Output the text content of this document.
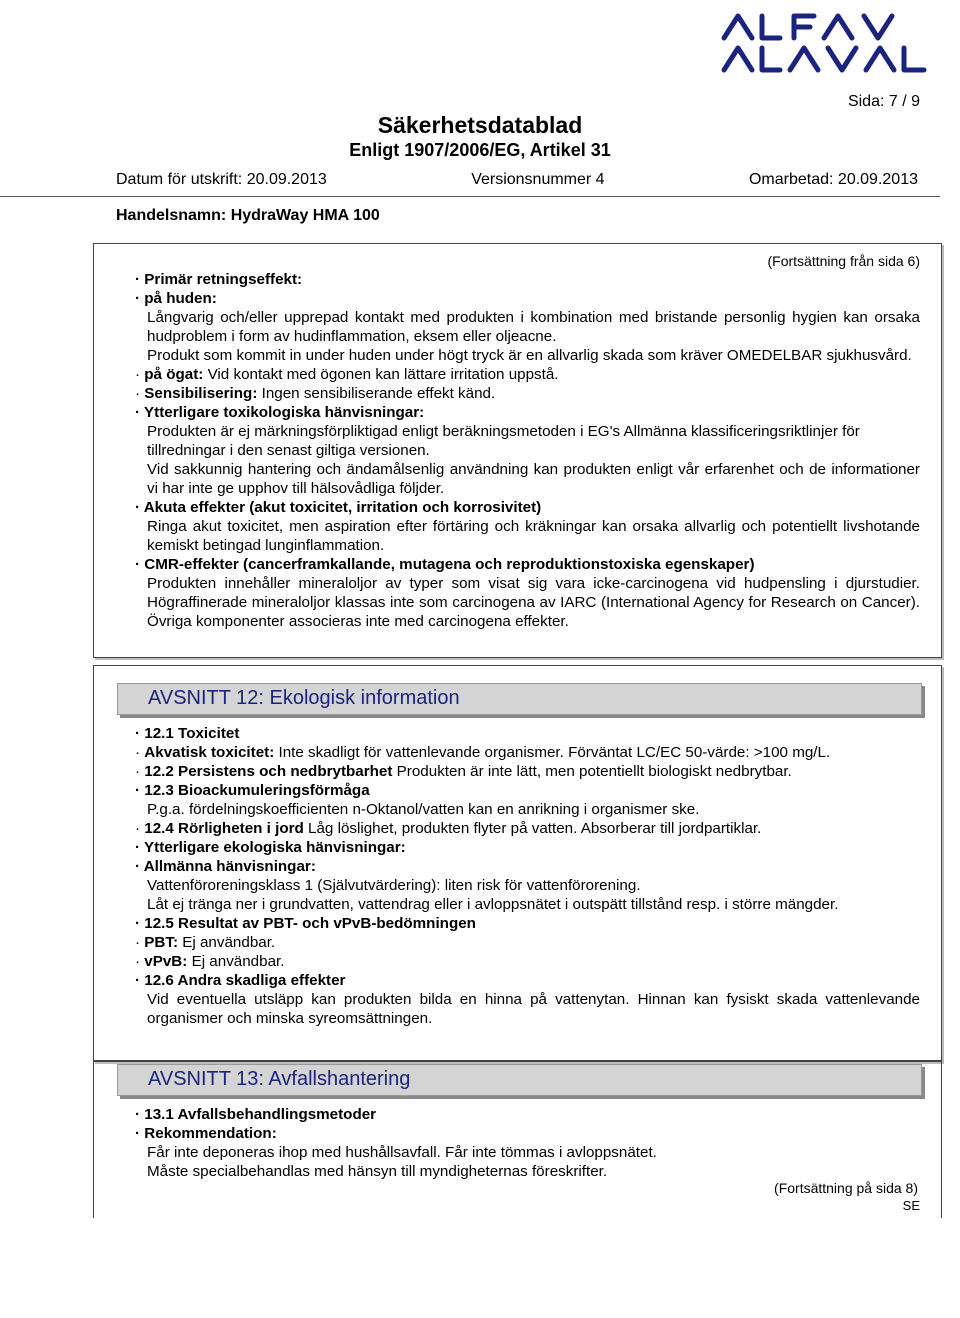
Sida: 7 / 9
Säkerhetsdatablad
Enligt 1907/2006/EG, Artikel 31
Datum för utskrift: 20.09.2013	Versionsnummer 4	Omarbetad: 20.09.2013
Handelsnamn: HydraWay HMA 100
(Fortsättning från sida 6)

· Primär retningseffekt:

· på huden:

Långvarig och/eller upprepad kontakt med produkten i kombination med bristande personlig hygien kan orsaka hudproblem i form av hudinflammation, eksem eller oljeacne.

Produkt som kommit in under huden under högt tryck är en allvarlig skada som kräver OMEDELBAR sjukhusvård.

· på ögat: Vid kontakt med ögonen kan lättare irritation uppstå.

· Sensibilisering: Ingen sensibiliserande effekt känd.

· Ytterligare toxikologiska hänvisningar:

Produkten är ej märkningsförpliktigad enligt beräkningsmetoden i EG's Allmänna klassificeringsriktlinjer för tillredningar i den senast giltiga versionen.

Vid sakkunnig hantering och ändamålsenlig användning kan produkten enligt vår erfarenhet och de informationer vi har inte ge upphov till hälsovådliga följder.

· Akuta effekter (akut toxicitet, irritation och korrosivitet)

Ringa akut toxicitet, men aspiration efter förtäring och kräkningar kan orsaka allvarlig och potentiellt livshotande kemiskt betingad lunginflammation.

· CMR-effekter (cancerframkallande, mutagena och reproduktionstoxiska egenskaper)

Produkten innehåller mineraloljor av typer som visat sig vara icke-carcinogena vid hudpensling i djurstudier. Högraffinerade mineraloljor klassas inte som carcinogena av IARC (International Agency for Research on Cancer). Övriga komponenter associeras inte med carcinogena effekter.

AVSNITT 12: Ekologisk information

· 12.1 Toxicitet

· Akvatisk toxicitet: Inte skadligt för vattenlevande organismer. Förväntat LC/EC 50-värde: >100 mg/L.

· 12.2 Persistens och nedbrytbarhet Produkten är inte lätt, men potentiellt biologiskt nedbrytbar.

· 12.3 Bioackumuleringsförmåga

P.g.a. fördelningskoefficienten n-Oktanol/vatten kan en anrikning i organismer ske.

· 12.4 Rörligheten i jord Låg löslighet, produkten flyter på vatten. Absorberar till jordpartiklar.

· Ytterligare ekologiska hänvisningar:

· Allmänna hänvisningar:

Vattenföroreningsklass 1 (Självutvärdering): liten risk för vattenförorening.

Låt ej tränga ner i grundvatten, vattendrag eller i avloppsnätet i outspätt tillstånd resp. i större mängder.

· 12.5 Resultat av PBT- och vPvB-bedömningen

· PBT: Ej användbar.

· vPvB: Ej användbar.

· 12.6 Andra skadliga effekter

Vid eventuella utsläpp kan produkten bilda en hinna på vattenytan. Hinnan kan fysiskt skada vattenlevande organismer och minska syreomsättningen.

AVSNITT 13: Avfallshantering

· 13.1 Avfallsbehandlingsmetoder

· Rekommendation:

Får inte deponeras ihop med hushållsavfall. Får inte tömmas i avloppsnätet.

Måste specialbehandlas med hänsyn till myndigheternas föreskrifter.

(Fortsättning på sida 8)
SE
